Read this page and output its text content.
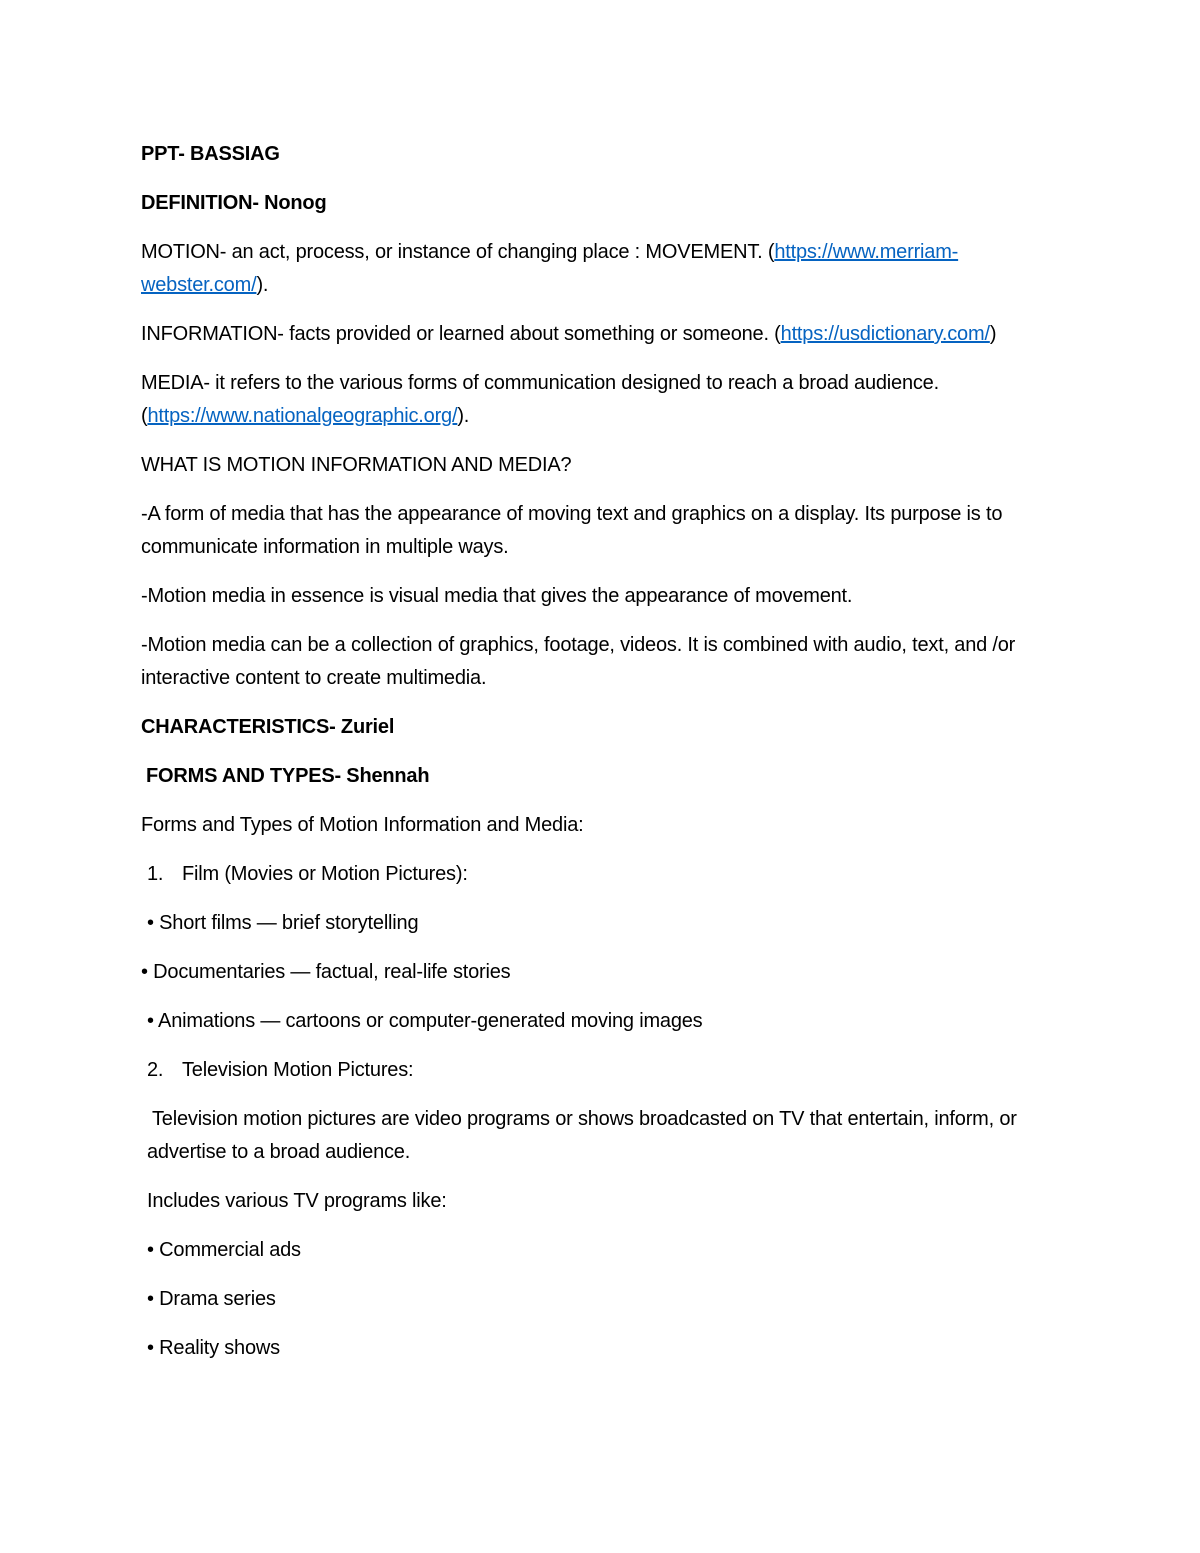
PPT- BASSIAG

DEFINITION- Nonog

MOTION- an act, process, or instance of changing place : MOVEMENT. (https://www.merriam-webster.com/).

INFORMATION- facts provided or learned about something or someone. (https://usdictionary.com/)

MEDIA- it refers to the various forms of communication designed to reach a broad audience. (https://www.nationalgeographic.org/).

WHAT IS MOTION INFORMATION AND MEDIA?

-A form of media that has the appearance of moving text and graphics on a display. Its purpose is to communicate information in multiple ways.

-Motion media in essence is visual media that gives the appearance of movement.

-Motion media can be a collection of graphics, footage, videos. It is combined with audio, text, and /or interactive content to create multimedia.

CHARACTERISTICS- Zuriel

FORMS AND TYPES- Shennah

Forms and Types of Motion Information and Media:

1. Film (Movies or Motion Pictures):

• Short films — brief storytelling

• Documentaries — factual, real-life stories

• Animations — cartoons or computer-generated moving images

2. Television Motion Pictures:

Television motion pictures are video programs or shows broadcasted on TV that entertain, inform, or advertise to a broad audience.

Includes various TV programs like:

• Commercial ads

• Drama series

• Reality shows
